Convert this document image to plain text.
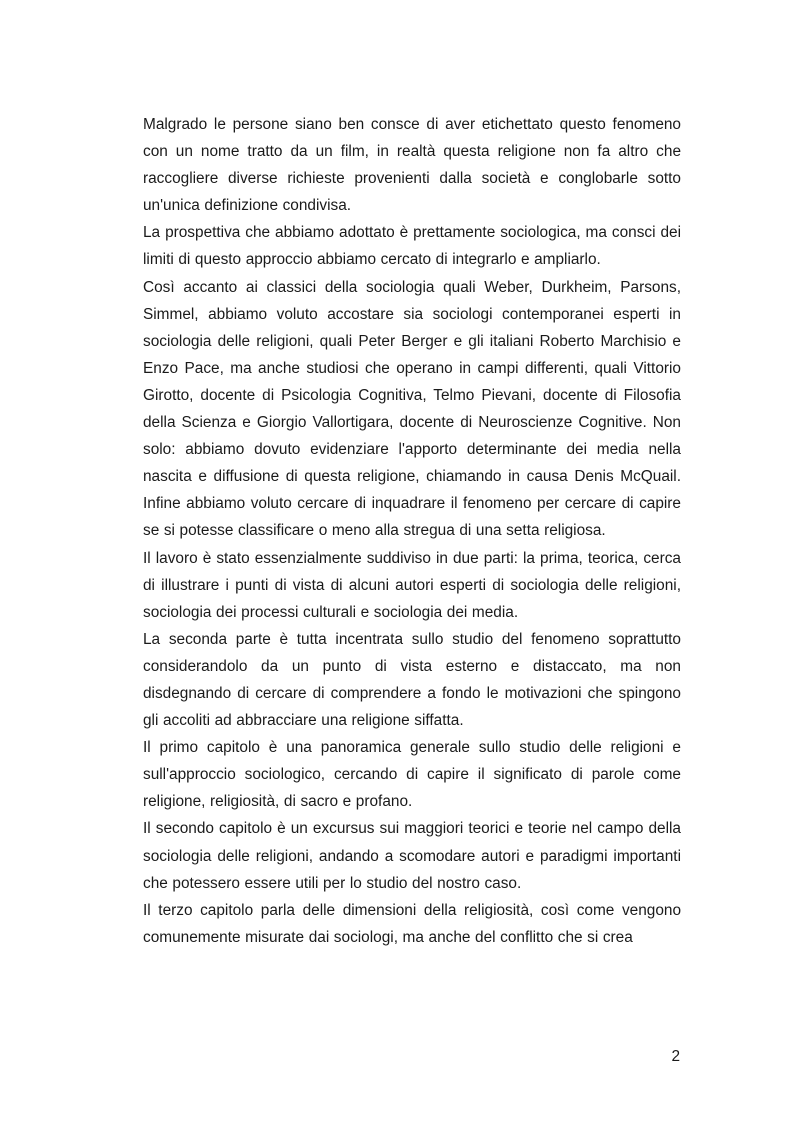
Malgrado le persone siano ben consce di aver etichettato questo fenomeno con un nome tratto da un film, in realtà questa religione non fa altro che raccogliere diverse richieste provenienti dalla società e conglobarle sotto un'unica definizione condivisa.

La prospettiva che abbiamo adottato è prettamente sociologica, ma consci dei limiti di questo approccio abbiamo cercato di integrarlo e ampliarlo.

Così accanto ai classici della sociologia quali Weber, Durkheim, Parsons, Simmel, abbiamo voluto accostare sia sociologi contemporanei esperti in sociologia delle religioni, quali Peter Berger e gli italiani Roberto Marchisio e Enzo Pace, ma anche studiosi che operano in campi differenti, quali Vittorio Girotto, docente di Psicologia Cognitiva, Telmo Pievani, docente di Filosofia della Scienza e Giorgio Vallortigara, docente di Neuroscienze Cognitive. Non solo: abbiamo dovuto evidenziare l'apporto determinante dei media nella nascita e diffusione di questa religione, chiamando in causa Denis McQuail. Infine abbiamo voluto cercare di inquadrare il fenomeno per cercare di capire se si potesse classificare o meno alla stregua di una setta religiosa.

Il lavoro è stato essenzialmente suddiviso in due parti: la prima, teorica, cerca di illustrare i punti di vista di alcuni autori esperti di sociologia delle religioni, sociologia dei processi culturali e sociologia dei media.

La seconda parte è tutta incentrata sullo studio del fenomeno soprattutto considerandolo da un punto di vista esterno e distaccato, ma non disdegnando di cercare di comprendere a fondo le motivazioni che spingono gli accoliti ad abbracciare una religione siffatta.

Il primo capitolo è una panoramica generale sullo studio delle religioni e sull'approccio sociologico, cercando di capire il significato di parole come religione, religiosità, di sacro e profano.

Il secondo capitolo è un excursus sui maggiori teorici e teorie nel campo della sociologia delle religioni, andando a scomodare autori e paradigmi importanti che potessero essere utili per lo studio del nostro caso.

Il terzo capitolo parla delle dimensioni della religiosità, così come vengono comunemente misurate dai sociologi, ma anche del conflitto che si crea

2
